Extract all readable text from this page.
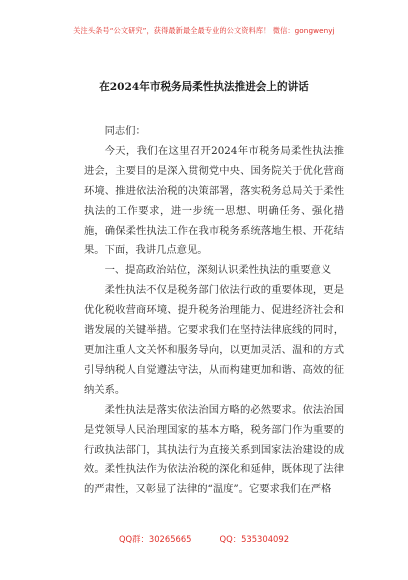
关注头条号“公文研究”，获得最新最全最专业的公文资料库！ 微信：gongwenyj
在2024年市税务局柔性执法推进会上的讲话

同志们：

今天，我们在这里召开2024年市税务局柔性执法推进会，主要目的是深入贯彻党中央、国务院关于优化营商环境、推进依法治税的决策部署，落实税务总局关于柔性执法的工作要求，进一步统一思想、明确任务、强化措施，确保柔性执法工作在我市税务系统落地生根、开花结果。下面，我讲几点意见。

一、提高政治站位，深刻认识柔性执法的重要意义

柔性执法不仅是税务部门依法行政的重要体现，更是优化税收营商环境、提升税务治理能力、促进经济社会和谐发展的关键举措。它要求我们在坚持法律底线的同时，更加注重人文关怀和服务导向，以更加灵活、温和的方式引导纳税人自觉遵法守法，从而构建更加和谐、高效的征纳关系。

柔性执法是落实依法治国方略的必然要求。依法治国是党领导人民治理国家的基本方略，税务部门作为重要的行政执法部门，其执法行为直接关系到国家法治建设的成效。柔性执法作为依法治税的深化和延伸，既体现了法律的严肃性，又彰显了法律的“温度”。它要求我们在严格

QQ群：30265665	QQ：535304092
